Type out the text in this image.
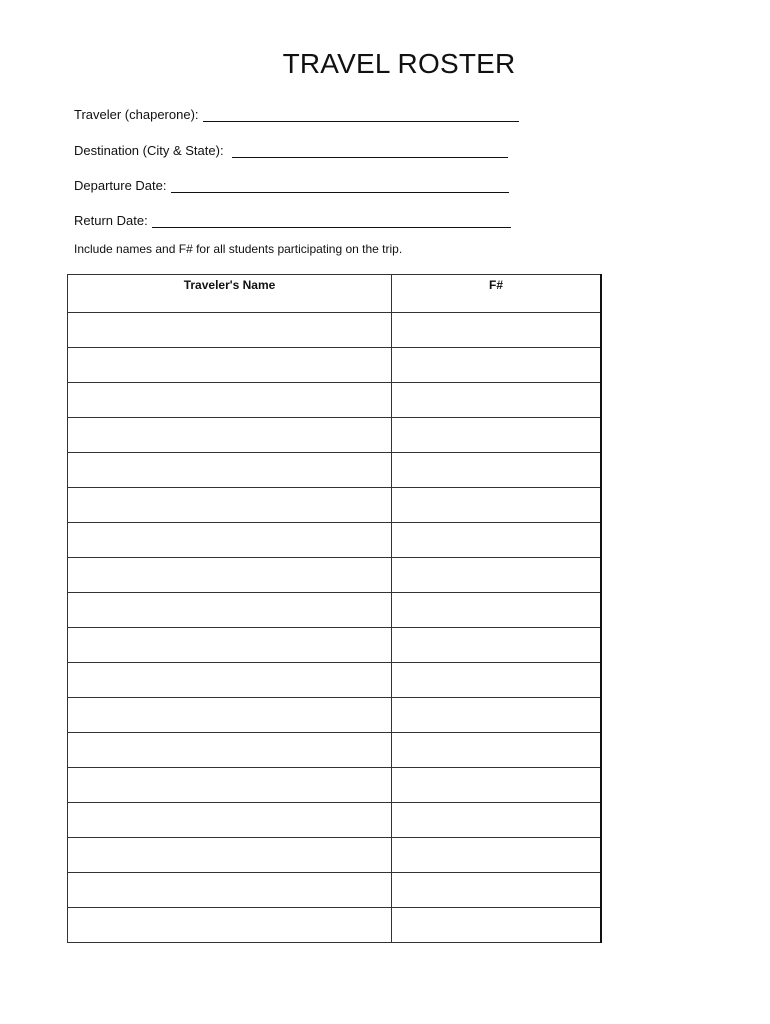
TRAVEL ROSTER
Traveler (chaperone):
Destination (City & State):
Departure Date:
Return Date:
Include names and F# for all students participating on the trip.
Traveler's Name	F#
